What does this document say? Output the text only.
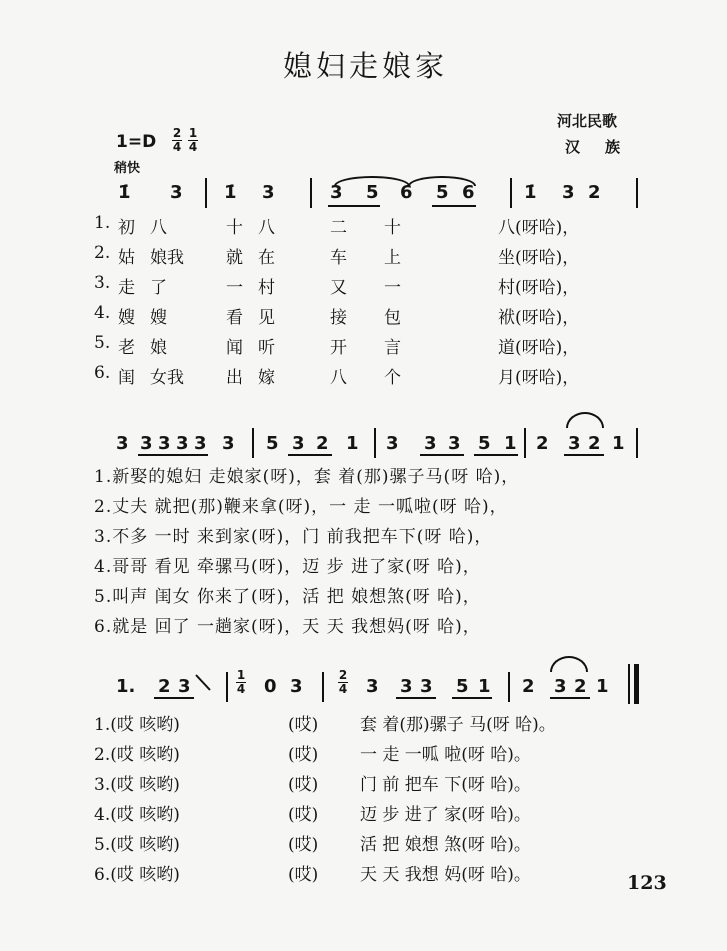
媳妇走娘家
河北民歌
汉族
1=D 2
4
1
4
稍快
1̇ 3 1̇ 3	3 5 6 5 6	1̇ 3 2
1. 初 八	十 八	二 十	八(呀哈)，
2. 姑 娘我 就 在	车 上	坐(呀哈)，
3. 走 了	一 村	又 一	村(呀哈)，
4. 嫂 嫂	看 见	接 包	袱(呀哈)，
5. 老 娘	闻 听	开 言	道(呀哈)，
6. 闺 女我 出 嫁	八 个	月(呀哈)，
3 3 3 3 3 3 5 3 2 1 3 3 3 5 1 2 3 2 1
1.新娶的媳妇 走娘家(呀)，套 着(那)骡子马(呀 哈)，
2.丈夫 就把(那)鞭来拿(呀)，一 走 一呱啦(呀 哈)，
3.不多 一时 来到家(呀)，门 前我把车下(呀 哈)，
4.哥哥 看见 牵骡马(呀)，迈 步 进了家(呀 哈)，
5.叫声 闺女 你来了(呀)，活 把 娘想煞(呀 哈)，
6.就是 回了 一趟家(呀)，天 天 我想妈(呀 哈)，
1. 2 3
1
4 0 3
2
4 3 3 3 5 1 2 3 2 1
1.(哎 咳哟)	(哎) 套 着(那)骡子 马(呀 哈)。
2.(哎 咳哟)	(哎) 一 走 一呱 啦(呀 哈)。
3.(哎 咳哟)	(哎) 门 前 把车 下(呀 哈)。
4.(哎 咳哟)	(哎) 迈 步 进了 家(呀 哈)。
5.(哎 咳哟)	(哎) 活 把 娘想 煞(呀 哈)。
6.(哎 咳哟)	(哎) 天 天 我想 妈(呀 哈)。	123
